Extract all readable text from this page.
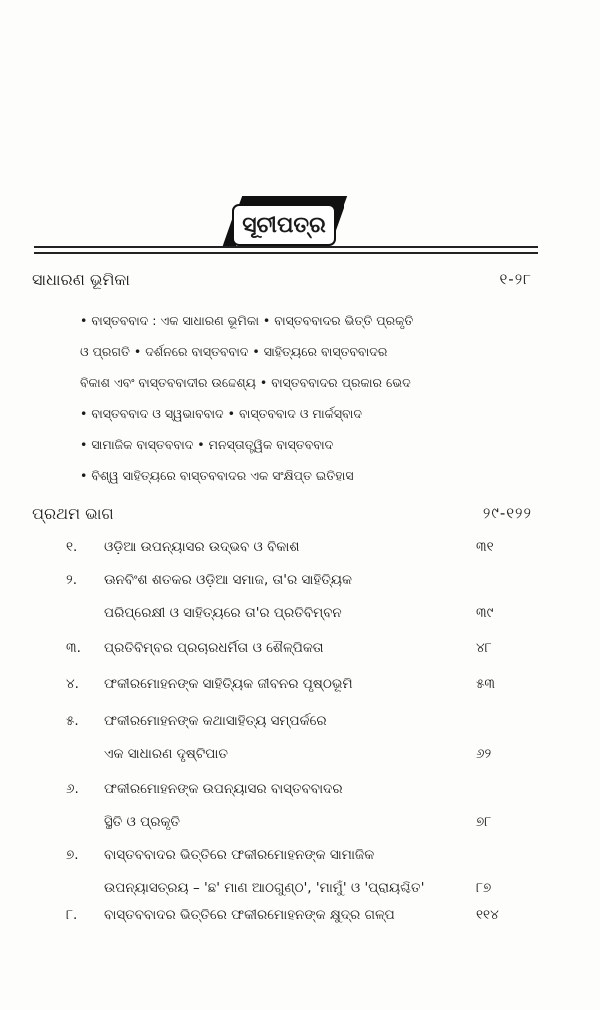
ସୂଚୀପତ୍ର
ସାଧାରଣ ଭୂମିକା	୧-୨୮
• ବାସ୍ତବବାଦ : ଏକ ସାଧାରଣ ଭୂମିକା • ବାସ୍ତବବାଦର ଭିତ୍ତି ପ୍ରକୃତି
ଓ ପ୍ରଗତି • ଦର୍ଶନରେ ବାସ୍ତବବାଦ • ସାହିତ୍ୟରେ ବାସ୍ତବବାଦର
ବିକାଶ ଏବଂ ବାସ୍ତବବାଦୀର ଉଦ୍ଦେଶ୍ୟ • ବାସ୍ତବବାଦର ପ୍ରକାର ଭେଦ
• ବାସ୍ତବବାଦ ଓ ସ୍ୱଭାବବାଦ • ବାସ୍ତବବାଦ ଓ ମାର୍କସ୍‌ବାଦ
• ସାମାଜିକ ବାସ୍ତବବାଦ • ମନସ୍ତାତ୍ତ୍ୱିକ ବାସ୍ତବବାଦ
• ବିଶ୍ୱ ସାହିତ୍ୟରେ ବାସ୍ତବବାଦର ଏକ ସଂକ୍ଷିପ୍ତ ଇତିହାସ
ପ୍ରଥମ ଭାଗ	୨୯-୧୨୨
୧.	ଓଡ଼ିଆ ଉପନ୍ୟାସର ଉଦ୍ଭବ ଓ ବିକାଶ	୩୧
୨.	ଊନବିଂଶ ଶତକର ଓଡ଼ିଆ ସମାଜ, ତା'ର ସାହିତ୍ୟିକ
ପରିପ୍ରେକ୍ଷୀ ଓ ସାହିତ୍ୟରେ ତା'ର ପ୍ରତିବିମ୍ବନ	୩୯
୩.	ପ୍ରତିବିମ୍ବର ପ୍ରଚାରଧର୍ମିତା ଓ ଶୈଳ୍ପିକତା	୪୮
୪.	ଫକୀରମୋହନଙ୍କ ସାହିତ୍ୟିକ ଜୀବନର ପୃଷ୍ଠଭୂମି	୫୩
୫.	ଫକୀରମୋହନଙ୍କ କଥାସାହିତ୍ୟ ସମ୍ପର୍କରେ
ଏକ ସାଧାରଣ ଦୃଷ୍ଟିପାତ	୬୨
୬.	ଫକୀରମୋହନଙ୍କ ଉପନ୍ୟାସର ବାସ୍ତବବାଦର
ସ୍ଥିତି ଓ ପ୍ରକୃତି	୭୮
୭.	ବାସ୍ତବବାଦର ଭିତ୍ତିରେ ଫକୀରମୋହନଙ୍କ ସାମାଜିକ
ଉପନ୍ୟାସତ୍ରୟ – 'ଛ' ମାଣ ଆଠଗୁଣ୍ଠ', 'ମାମୁଁ' ଓ 'ପ୍ରାୟଶ୍ଚିତ'	୮୭
୮.	ବାସ୍ତବବାଦର ଭିତ୍ତିରେ ଫକୀରମୋହନଙ୍କ କ୍ଷୁଦ୍ର ଗଳ୍ପ	୧୧୪
